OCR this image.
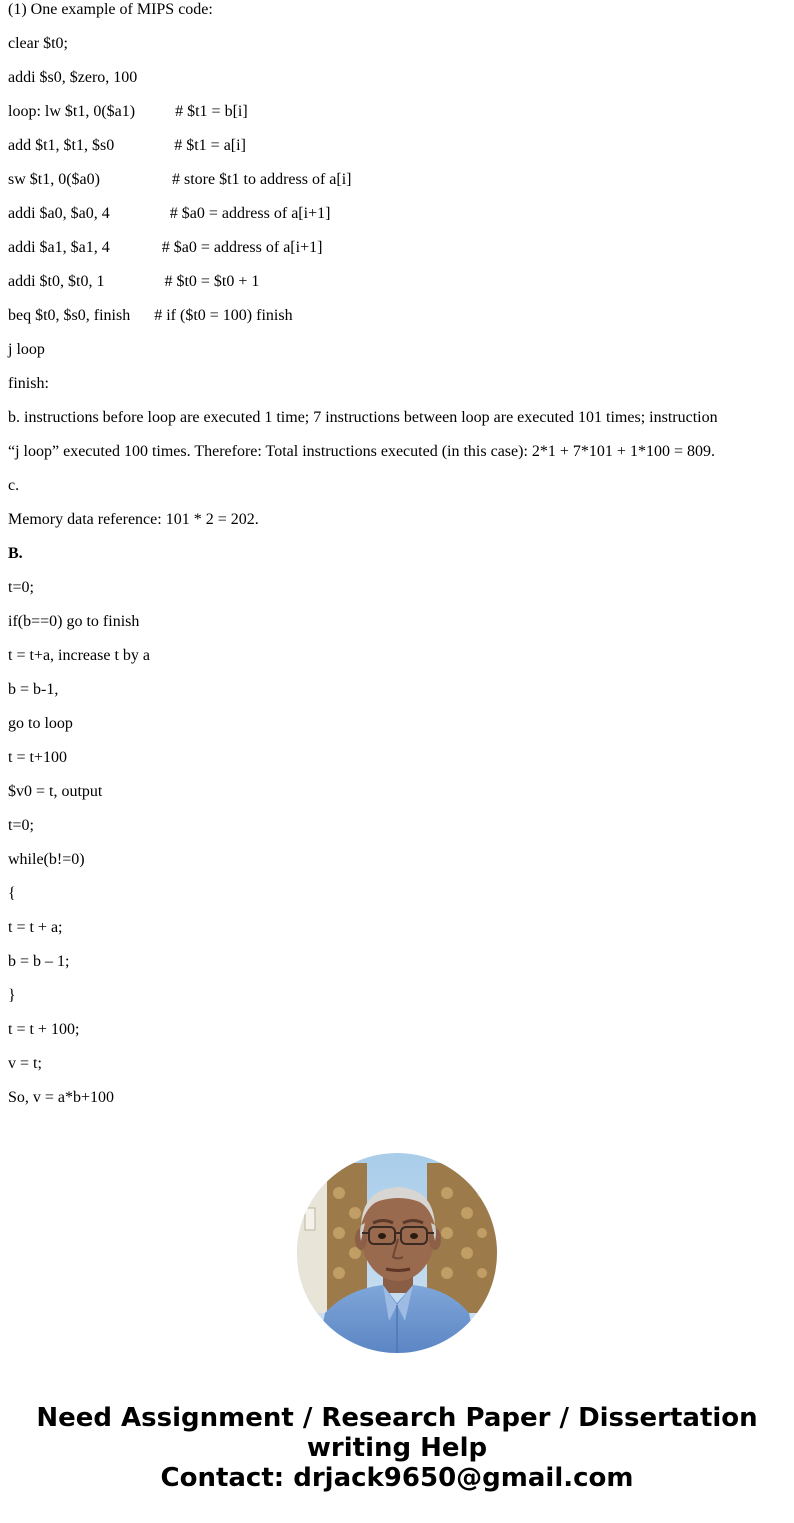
(1) One example of MIPS code:
clear $t0;
addi $s0, $zero, 100
loop: lw $t1, 0($a1)          # $t1 = b[i]
add $t1, $t1, $s0               # $t1 = a[i]
sw $t1, 0($a0)                  # store $t1 to address of a[i]
addi $a0, $a0, 4               # $a0 = address of a[i+1]
addi $a1, $a1, 4             # $a0 = address of a[i+1]
addi $t0, $t0, 1               # $t0 = $t0 + 1
beq $t0, $s0, finish      # if ($t0 = 100) finish
j loop
finish:
b. instructions before loop are executed 1 time; 7 instructions between loop are executed 101 times; instruction
“j loop” executed 100 times. Therefore: Total instructions executed (in this case): 2*1 + 7*101 + 1*100 = 809.
c.
Memory data reference: 101 * 2 = 202.
B.
t=0;
if(b==0) go to finish
t = t+a, increase t by a
b = b-1,
go to loop
t = t+100
$v0 = t, output
t=0;
while(b!=0)
{
t = t + a;
b = b – 1;
}
t = t + 100;
v = t;
So, v = a*b+100
Need Assignment / Research Paper / Dissertation
writing Help
Contact: drjack9650@gmail.com
